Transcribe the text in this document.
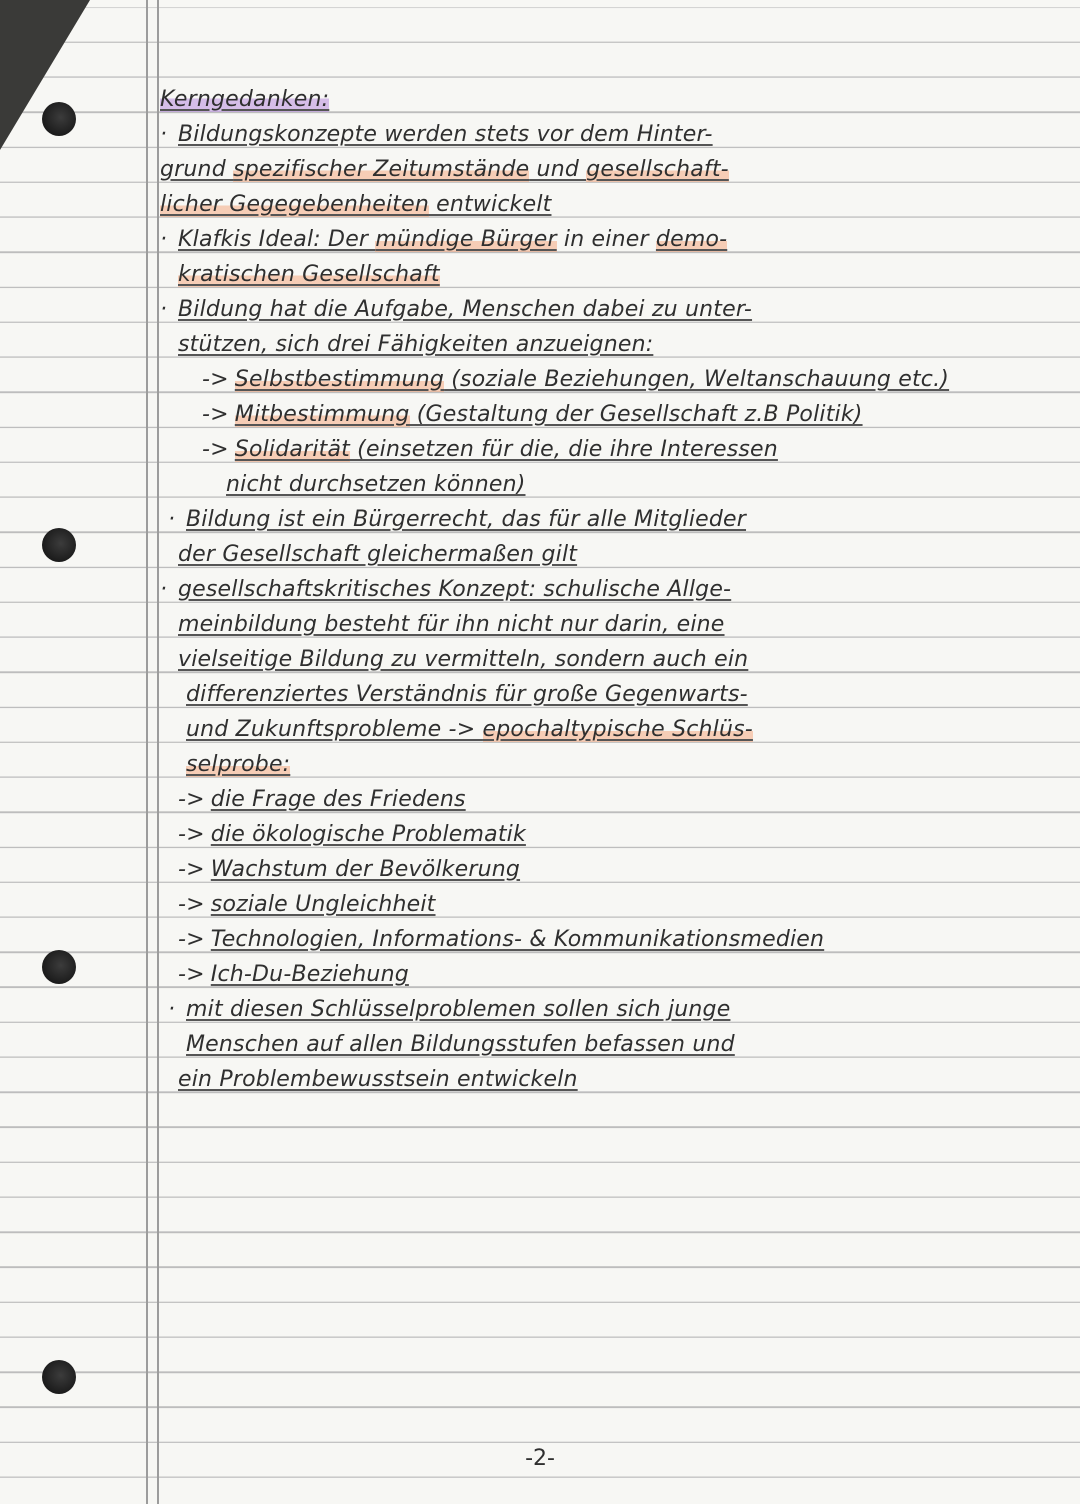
Kerngedanken:
· Bildungskonzepte werden stets vor dem Hinter-
grund spezifischer Zeitumstände und gesellschaft-
licher Gegegebenheiten entwickelt
· Klafkis Ideal: Der mündige Bürger in einer demo-
kratischen Gesellschaft
· Bildung hat die Aufgabe, Menschen dabei zu unter-
stützen, sich drei Fähigkeiten anzueignen:
-> Selbstbestimmung (soziale Beziehungen, Weltanschauung etc.)
-> Mitbestimmung (Gestaltung der Gesellschaft z.B Politik)
-> Solidarität (einsetzen für die, die ihre Interessen
nicht durchsetzen können)
· Bildung ist ein Bürgerrecht, das für alle Mitglieder
der Gesellschaft gleichermaßen gilt
· gesellschaftskritisches Konzept: schulische Allge-
meinbildung besteht für ihn nicht nur darin, eine
vielseitige Bildung zu vermitteln, sondern auch ein
differenziertes Verständnis für große Gegenwarts-
und Zukunftsprobleme -> epochaltypische Schlüs-
selprobe:
-> die Frage des Friedens
-> die ökologische Problematik
-> Wachstum der Bevölkerung
-> soziale Ungleichheit
-> Technologien, Informations- & Kommunikationsmedien
-> Ich-Du-Beziehung
· mit diesen Schlüsselproblemen sollen sich junge
Menschen auf allen Bildungsstufen befassen und
ein Problembewusstsein entwickeln
-2-
